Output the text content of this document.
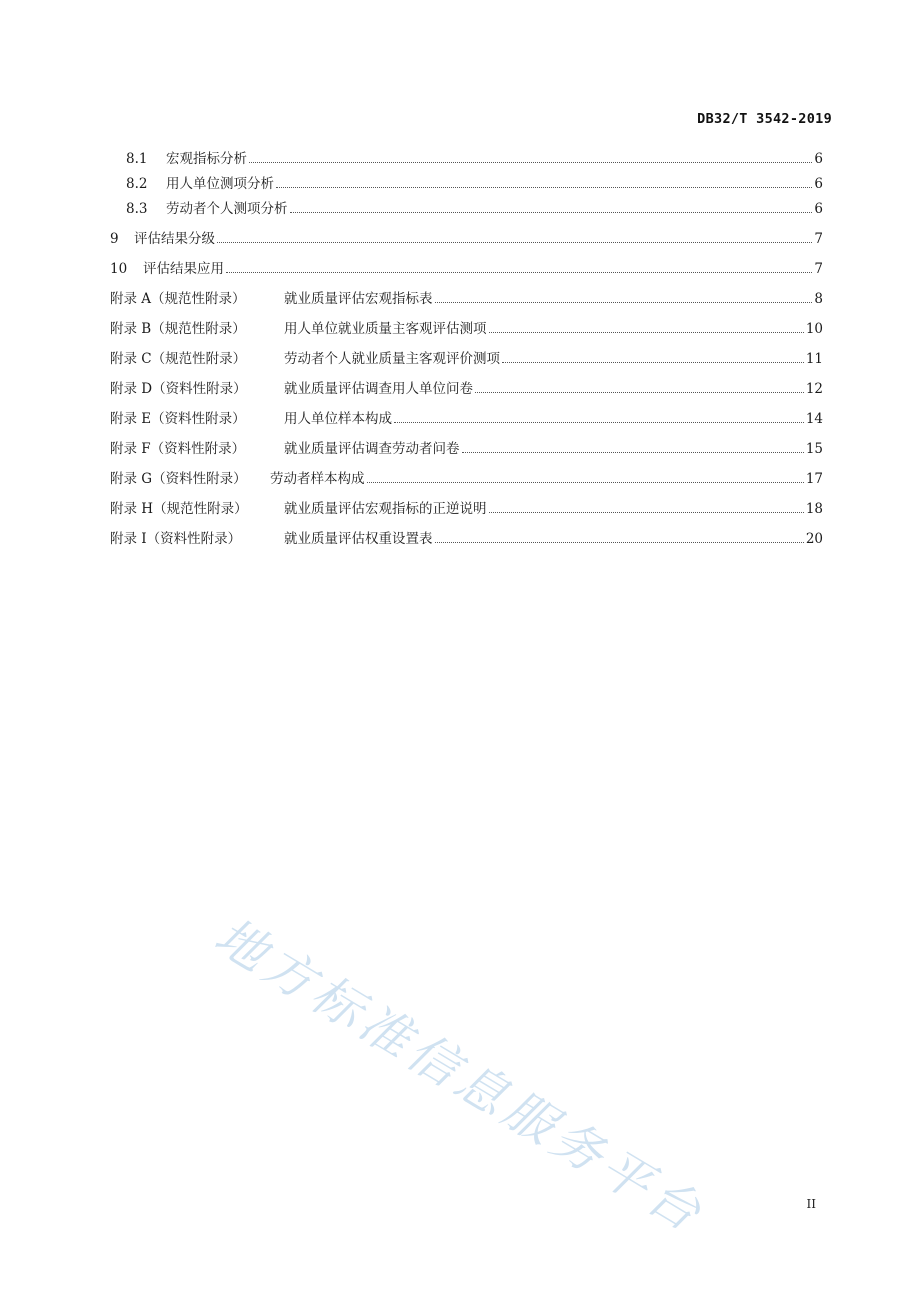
DB32/T 3542-2019
8.1	宏观指标分析	6
8.2	用人单位测项分析	6
8.3	劳动者个人测项分析	6
9	评估结果分级	7
10	评估结果应用	7
附录 A（规范性附录）	就业质量评估宏观指标表	8
附录 B（规范性附录）	用人单位就业质量主客观评估测项	10
附录 C（规范性附录）	劳动者个人就业质量主客观评价测项	11
附录 D（资料性附录）	就业质量评估调查用人单位问卷	12
附录 E（资料性附录）	用人单位样本构成	14
附录 F（资料性附录）	就业质量评估调查劳动者问卷	15
附录 G（资料性附录）	劳动者样本构成	17
附录 H（规范性附录）	就业质量评估宏观指标的正逆说明	18
附录 I（资料性附录）	就业质量评估权重设置表	20
地方标准信息服务平台	II
